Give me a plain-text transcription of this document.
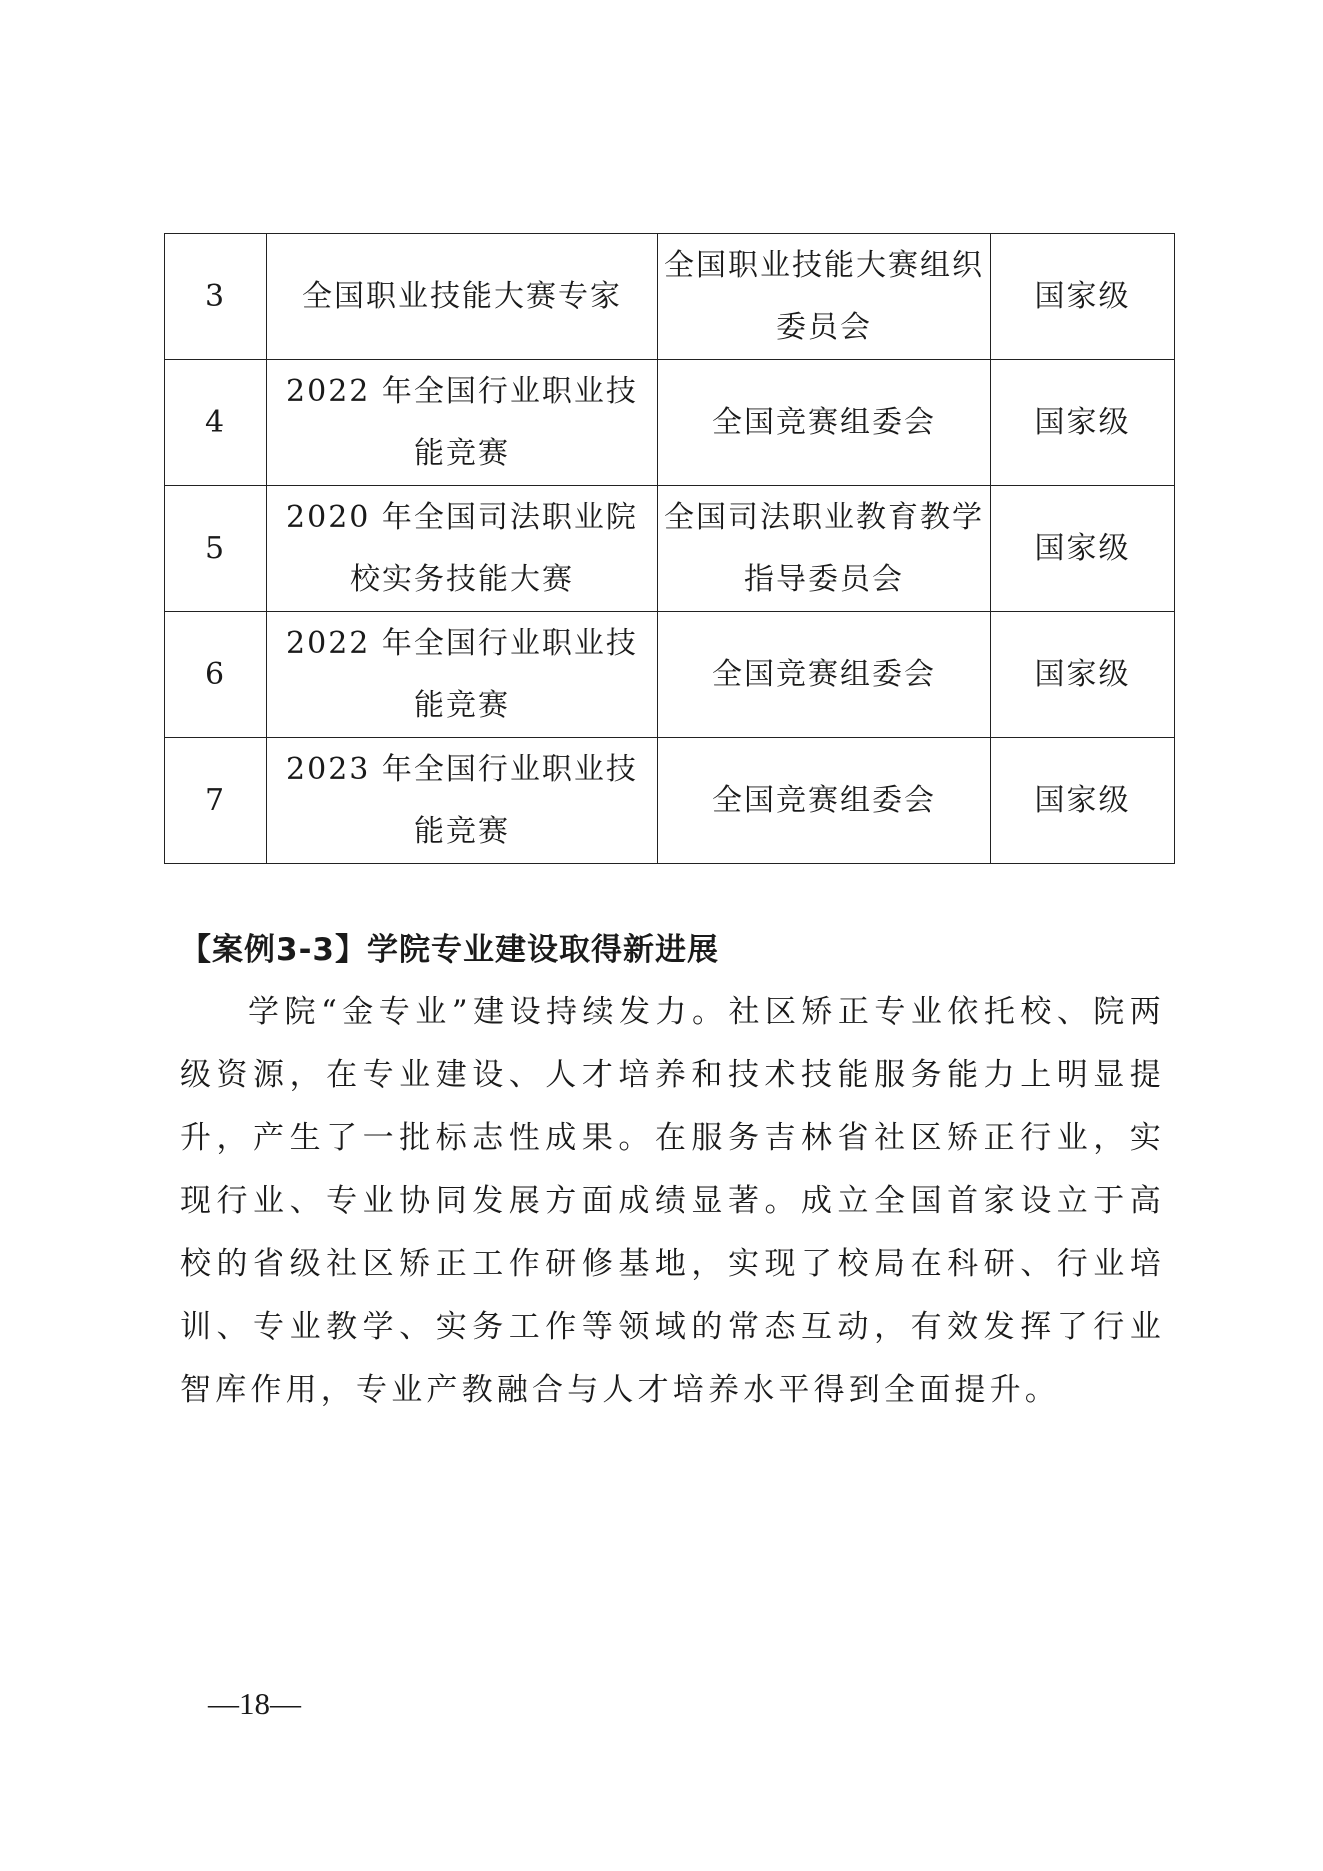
3	全国职业技能大赛专家	全国职业技能大赛组织委员会	国家级
4	2022 年全国行业职业技能竞赛	全国竞赛组委会	国家级
5	2020 年全国司法职业院校实务技能大赛	全国司法职业教育教学指导委员会	国家级
6	2022 年全国行业职业技能竞赛	全国竞赛组委会	国家级
7	2023 年全国行业职业技能竞赛	全国竞赛组委会	国家级
【案例3-3】学院专业建设取得新进展

学院“金专业”建设持续发力。社区矫正专业依托校、院两级资源，在专业建设、人才培养和技术技能服务能力上明显提升，产生了一批标志性成果。在服务吉林省社区矫正行业，实现行业、专业协同发展方面成绩显著。成立全国首家设立于高校的省级社区矫正工作研修基地，实现了校局在科研、行业培训、专业教学、实务工作等领域的常态互动，有效发挥了行业智库作用，专业产教融合与人才培养水平得到全面提升。

—18—
